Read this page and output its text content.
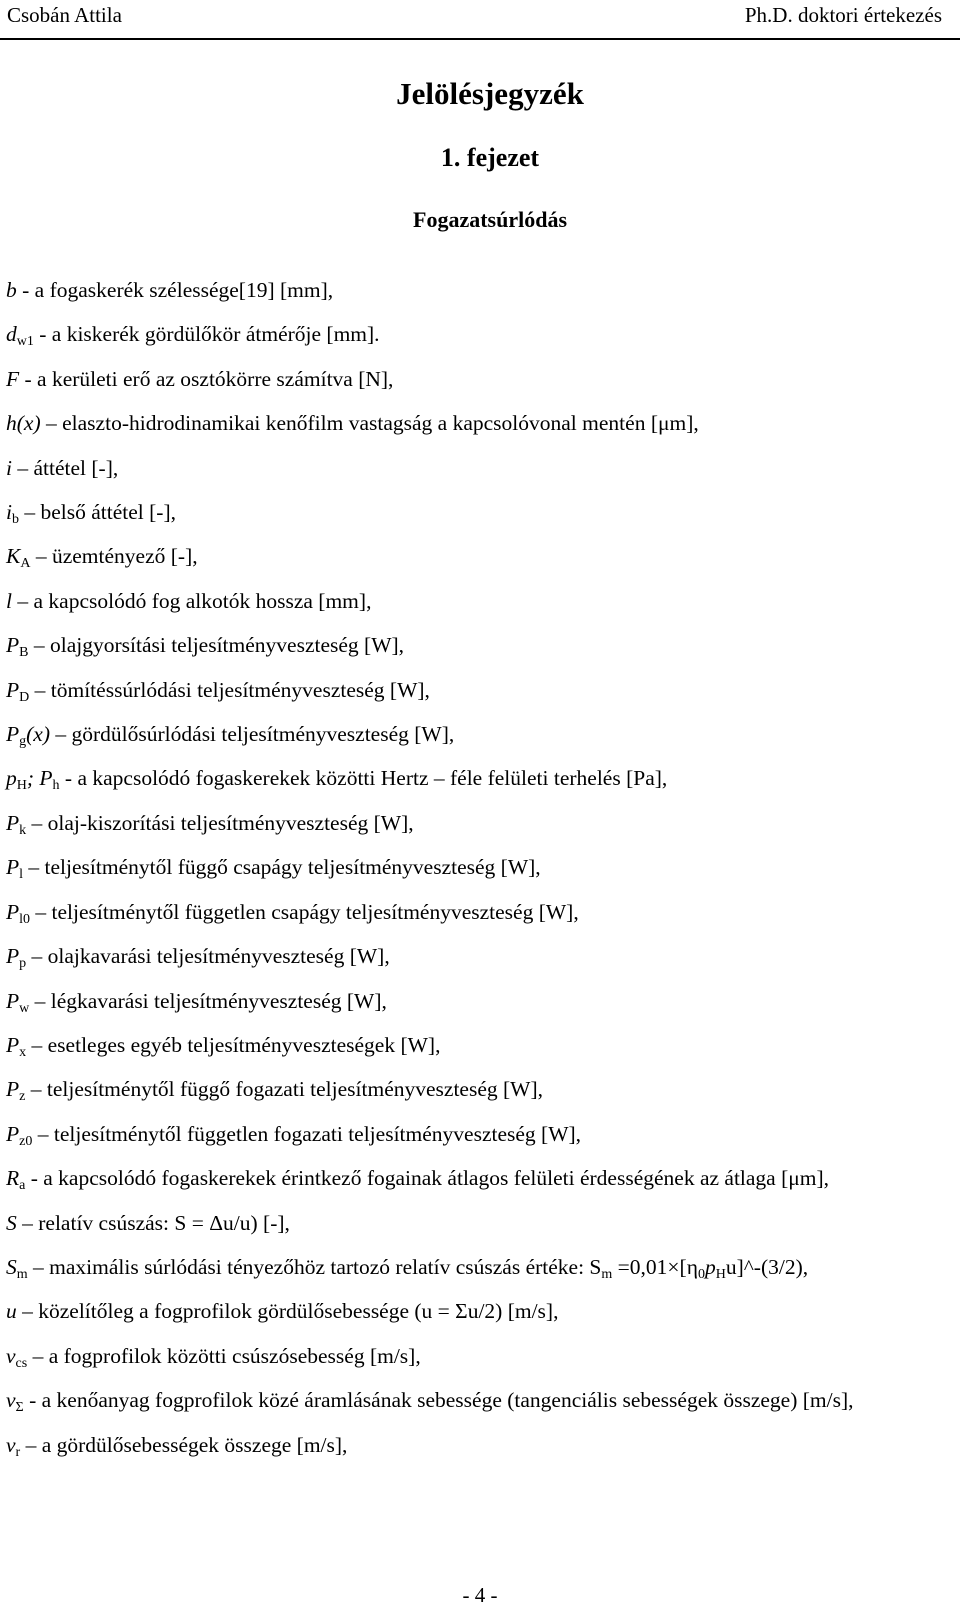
Csobán Attila	Ph.D. doktori értekezés
Jelölésjegyzék
1. fejezet
Fogazatsúrlódás

b - a fogaskerék szélessége[19] [mm],

$d_{w1}$ - a kiskerék gördülőkör átmérője [mm].

F - a kerületi erő az osztókörre számítva [N],

h(x) – elaszto-hidrodinamikai kenőfilm vastagság a kapcsolóvonal mentén [μm],

i – áttétel [-],

$i_b$ – belső áttétel [-],

$K_A$ – üzemtényező [-],

l – a kapcsolódó fog alkotók hossza [mm],

$P_B$ – olajgyorsítási teljesítményveszteség [W],

$P_D$ – tömítéssúrlódási teljesítményveszteség [W],

$P_g(x)$ – gördülősúrlódási teljesítményveszteség [W],

$p_H$; $P_h$ - a kapcsolódó fogaskerekek közötti Hertz – féle felületi terhelés [Pa],

$P_k$ – olaj-kiszorítási teljesítményveszteség [W],

$P_l$ – teljesítménytől függő csapágy teljesítményveszteség [W],

$P_{l0}$ – teljesítménytől független csapágy teljesítményveszteség [W],

$P_p$ – olajkavarási teljesítményveszteség [W],

$P_w$ – légkavarási teljesítményveszteség [W],

$P_x$ – esetleges egyéb teljesítményveszteségek [W],

$P_z$ – teljesítménytől függő fogazati teljesítményveszteség [W],

$P_{z0}$ – teljesítménytől független fogazati teljesítményveszteség [W],

$R_a$ - a kapcsolódó fogaskerekek érintkező fogainak átlagos felületi érdességének az átlaga [μm],

S – relatív csúszás: S = Δu/u) [-],

$S_m$ – maximális súrlódási tényezőhöz tartozó relatív csúszás értéke: $S_m$ $=0,01\times[\eta_0p_Hu]\^{}-(3/2)$,

u – közelítőleg a fogprofilok gördülősebessége (u = Σu/2) [m/s],

$v_{cs}$ – a fogprofilok közötti csúszósebesség [m/s],

$v_\Sigma$ - a kenőanyag fogprofilok közé áramlásának sebessége (tangenciális sebességek összege) [m/s],

$v_r$ – a gördülősebességek összege [m/s],

- 4 -
